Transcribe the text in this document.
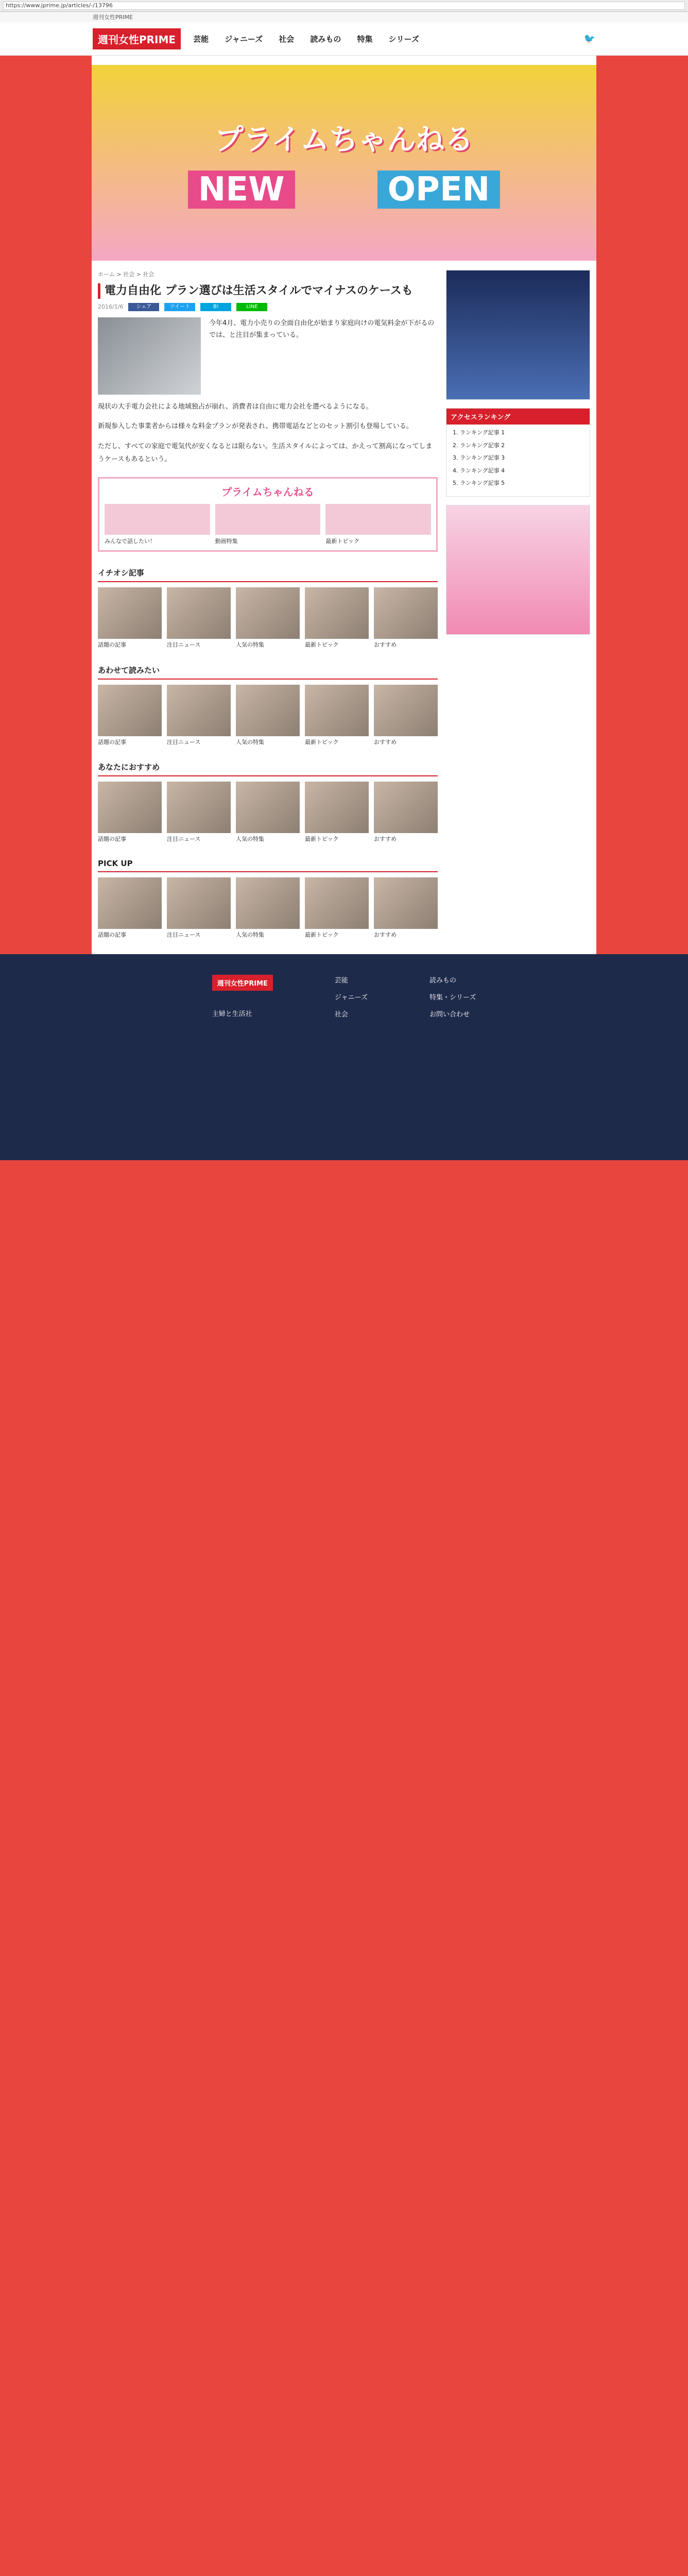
https://www.jprime.jp/articles/-/13796
週刊女性PRIME
週刊女性PRIME	芸能 ジャニーズ 社会 読みもの 特集 シリーズ	🐦
プライムちゃんねる
NEW	OPEN
ホーム > 社会 > 社会
電力自由化 プラン選びは生活スタイルでマイナスのケースも
2016/1/6	シェア	ツイート	B!	LINE

今年4月、電力小売りの全面自由化が始まり家庭向けの電気料金が下がるのでは、と注目が集まっている。

現状の大手電力会社による地域独占が崩れ、消費者は自由に電力会社を選べるようになる。

新規参入した事業者からは様々な料金プランが発表され、携帯電話などとのセット割引も登場している。

ただし、すべての家庭で電気代が安くなるとは限らない。生活スタイルによっては、かえって割高になってしまうケースもあるという。

プライムちゃんねる
みんなで話したい！	動画特集	最新トピック
イチオシ記事
話題の記事	注目ニュース	人気の特集	最新トピック	おすすめ
あわせて読みたい
話題の記事	注目ニュース	人気の特集	最新トピック	おすすめ
あなたにおすすめ
話題の記事	注目ニュース	人気の特集	最新トピック	おすすめ
PICK UP
話題の記事	注目ニュース	人気の特集	最新トピック	おすすめ
アクセスランキング
1. ランキング記事 1
2. ランキング記事 2
3. ランキング記事 3
4. ランキング記事 4
5. ランキング記事 5
週刊女性PRIME
主婦と生活社
芸能
ジャニーズ
社会
読みもの
特集・シリーズ
お問い合わせ
